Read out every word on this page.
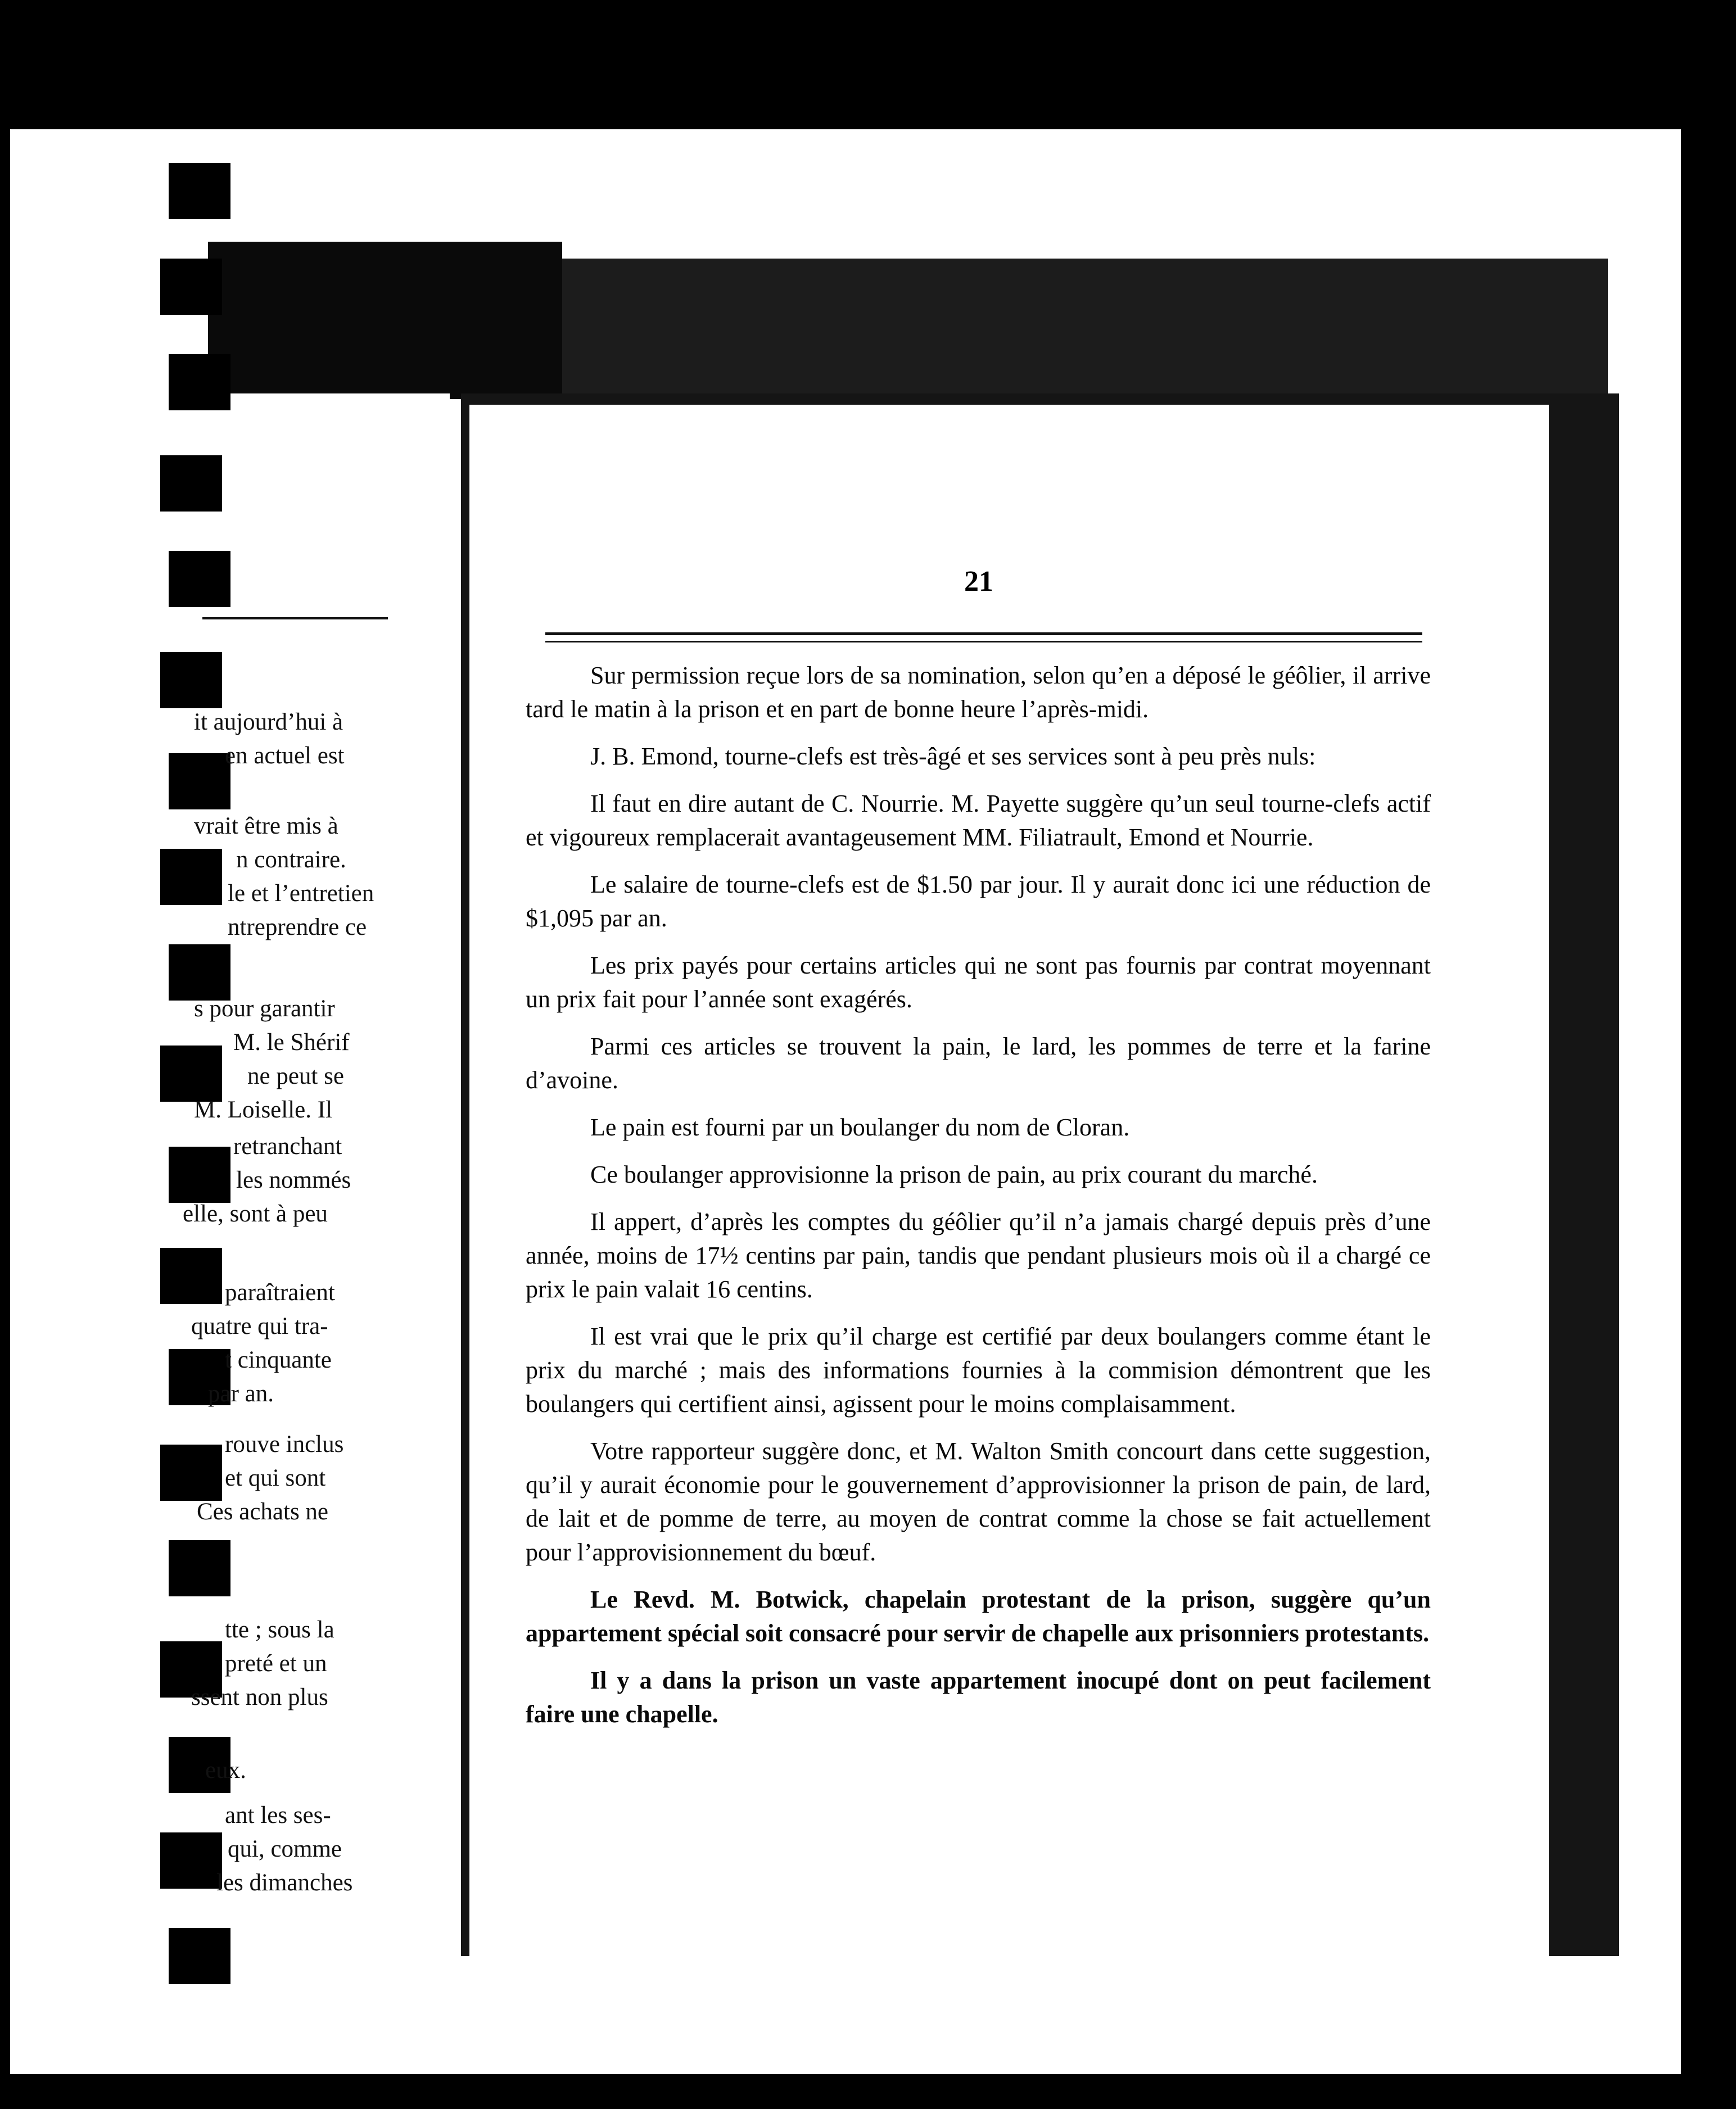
it aujourd’hui à
en actuel est
vrait être mis à
n contraire.
le et l’entretien
ntreprendre ce
s pour garantir
M. le Shérif
ne peut se
M. Loiselle. Il
retranchant
les nommés
elle, sont à peu
paraîtraient
quatre qui tra-
t cinquante
par an.
rouve inclus
et qui sont
Ces achats ne
tte ; sous la
preté et un
ssent non plus
eux.
ant les ses-
qui, comme
les dimanches
21

Sur permission reçue lors de sa nomination, selon qu’en a déposé le géôlier, il arrive tard le matin à la prison et en part de bonne heure l’après-midi.

J. B. Emond, tourne-clefs est très-âgé et ses services sont à peu près nuls:

Il faut en dire autant de C. Nourrie. M. Payette suggère qu’un seul tourne-clefs actif et vigoureux remplacerait avantageusement MM. Filiatrault, Emond et Nourrie.

Le salaire de tourne-clefs est de $1.50 par jour. Il y aurait donc ici une réduction de $1,095 par an.

Les prix payés pour certains articles qui ne sont pas fournis par contrat moyennant un prix fait pour l’année sont exagérés.

Parmi ces articles se trouvent la pain, le lard, les pommes de terre et la farine d’avoine.

Le pain est fourni par un boulanger du nom de Cloran.

Ce boulanger approvisionne la prison de pain, au prix courant du marché.

Il appert, d’après les comptes du géôlier qu’il n’a jamais chargé depuis près d’une année, moins de 17½ centins par pain, tandis que pendant plusieurs mois où il a chargé ce prix le pain valait 16 centins.

Il est vrai que le prix qu’il charge est certifié par deux boulangers comme étant le prix du marché ; mais des informations fournies à la commision démontrent que les boulangers qui certifient ainsi, agissent pour le moins complaisamment.

Votre rapporteur suggère donc, et M. Walton Smith concourt dans cette suggestion, qu’il y aurait économie pour le gouvernement d’approvisionner la prison de pain, de lard, de lait et de pomme de terre, au moyen de contrat comme la chose se fait actuellement pour l’approvisionnement du bœuf.

Le Revd. M. Botwick, chapelain protestant de la prison, suggère qu’un appartement spécial soit consacré pour servir de chapelle aux prisonniers protestants.

Il y a dans la prison un vaste appartement inocupé dont on peut facilement faire une chapelle.
